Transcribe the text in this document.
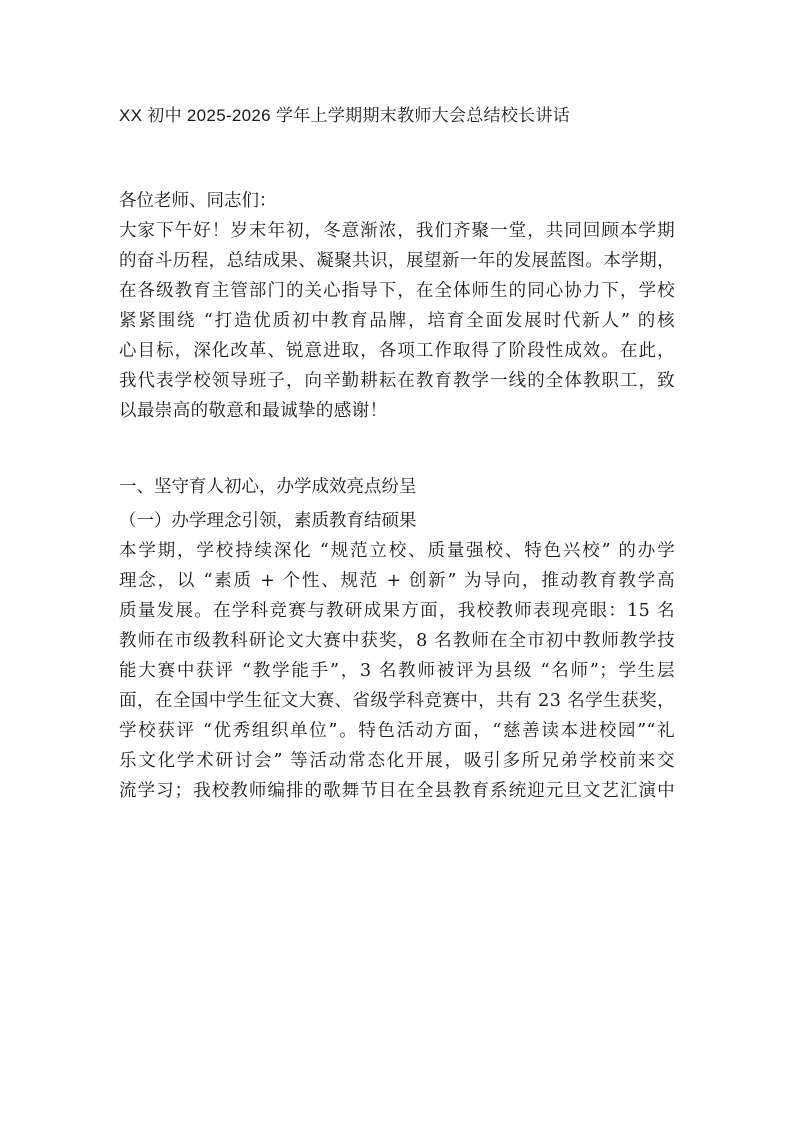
XX 初中 2025-2026 学年上学期期末教师大会总结校长讲话
各位老师、同志们：
大家下午好！岁末年初，冬意渐浓，我们齐聚一堂，共同回顾本学期
的奋斗历程，总结成果、凝聚共识，展望新一年的发展蓝图。本学期，
在各级教育主管部门的关心指导下，在全体师生的同心协力下，学校
紧紧围绕 “打造优质初中教育品牌，培育全面发展时代新人” 的核
心目标，深化改革、锐意进取，各项工作取得了阶段性成效。在此，
我代表学校领导班子，向辛勤耕耘在教育教学一线的全体教职工，致
以最崇高的敬意和最诚挚的感谢！
一、坚守育人初心，办学成效亮点纷呈
（一）办学理念引领，素质教育结硕果
本学期，学校持续深化 “规范立校、质量强校、特色兴校” 的办学
理念，以 “素质 + 个性、规范 + 创新” 为导向，推动教育教学高
质量发展。在学科竞赛与教研成果方面，我校教师表现亮眼：15 名
教师在市级教科研论文大赛中获奖，8 名教师在全市初中教师教学技
能大赛中获评 “教学能手”，3 名教师被评为县级 “名师”；学生层
面，在全国中学生征文大赛、省级学科竞赛中，共有 23 名学生获奖，
学校获评 “优秀组织单位”。特色活动方面，“慈善读本进校园”“礼
乐文化学术研讨会” 等活动常态化开展，吸引多所兄弟学校前来交
流学习；我校教师编排的歌舞节目在全县教育系统迎元旦文艺汇演中
